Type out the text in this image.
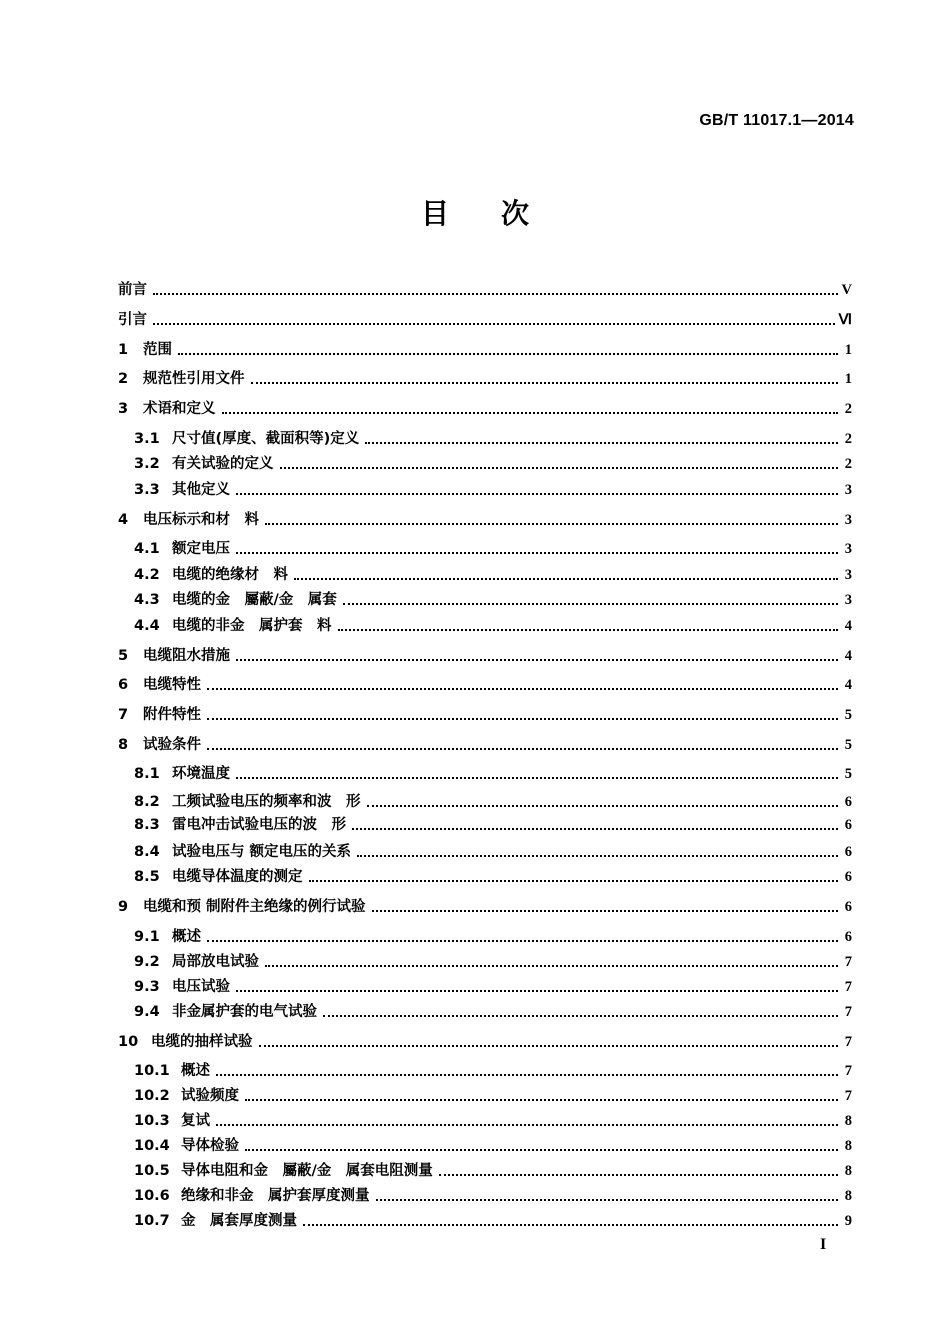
GB/T 11017.1—2014
目 次
前言	V
引言	Ⅵ
1	范围	1
2	规范性引用文件	1
3	术语和定义	2
3.1 尺寸值(厚度、截面积等)定义	2
3.2 有关试验的定义	2
3.3 其他定义	3
4	电压标示和材　料	3
4.1 额定电压	3
4.2 电缆的绝缘材　料	3
4.3 电缆的金　屬蔽/金　属套	3
4.4 电缆的非金　属护套　料	4
5	电缆阻水措施	4
6	电缆特性	4
7	附件特性	5
8	试验条件	5
8.1 环境温度	5
8.2 工频试验电压的频率和波　形	6
8.3 雷电冲击试验电压的波　形	6
8.4 试验电压与 额定电压的关系	6
8.5 电缆导体温度的测定	6
9	电缆和预 制附件主绝缘的例行试验	6
9.1 概述	6
9.2 局部放电试验	7
9.3 电压试验	7
9.4 非金属护套的电气试验	7
10 电缆的抽样试验	7
10.1 概述	7
10.2 试验频度	7
10.3 复试	8
10.4 导体检验	8
10.5 导体电阻和金　屬蔽/金　属套电阻测量	8
10.6 绝缘和非金　属护套厚度测量	8
10.7 金　属套厚度测量	9
I
